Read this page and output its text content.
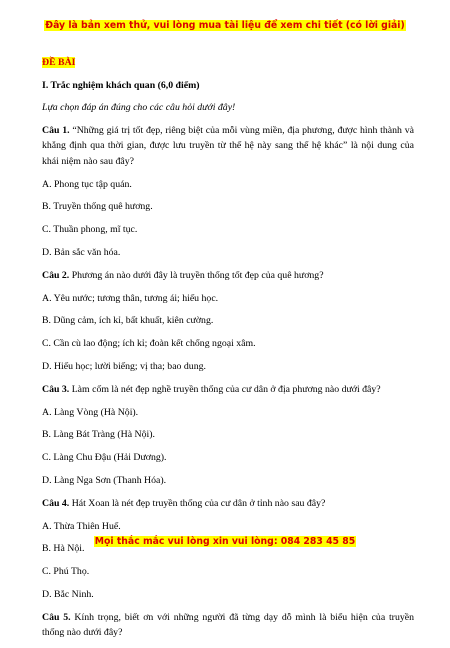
Đây là bản xem thử, vui lòng mua tài liệu để xem chi tiết (có lời giải)

ĐỀ BÀI

I. Trắc nghiệm khách quan (6,0 điểm)

Lựa chọn đáp án đúng cho các câu hỏi dưới đây!

Câu 1. “Những giá trị tốt đẹp, riêng biệt của mỗi vùng miền, địa phương, được hình thành và khẳng định qua thời gian, được lưu truyền từ thế hệ này sang thế hệ khác” là nội dung của khái niệm nào sau đây?

A. Phong tục tập quán.

B. Truyền thống quê hương.

C. Thuần phong, mĩ tục.

D. Bản sắc văn hóa.

Câu 2. Phương án nào dưới đây là truyền thống tốt đẹp của quê hương?

A. Yêu nước; tương thân, tương ái; hiếu học.

B. Dũng cảm, ích kỉ, bất khuất, kiên cường.

C. Cần cù lao động; ích kỉ; đoàn kết chống ngoại xâm.

D. Hiếu học; lười biếng; vị tha; bao dung.

Câu 3. Làm cốm là nét đẹp nghề truyền thống của cư dân ở địa phương nào dưới đây?

A. Làng Vòng (Hà Nội).

B. Làng Bát Tràng (Hà Nội).

C. Làng Chu Đậu (Hải Dương).

D. Làng Nga Sơn (Thanh Hóa).

Câu 4. Hát Xoan là nét đẹp truyền thống của cư dân ở tỉnh nào sau đây?

A. Thừa Thiên Huế.

B. Hà Nội.

C. Phú Thọ.

D. Bắc Ninh.

Câu 5. Kính trọng, biết ơn với những người đã từng dạy dỗ mình là biểu hiện của truyền thống nào dưới đây?

Mọi thắc mắc vui lòng xin vui lòng: 084 283 45 85
